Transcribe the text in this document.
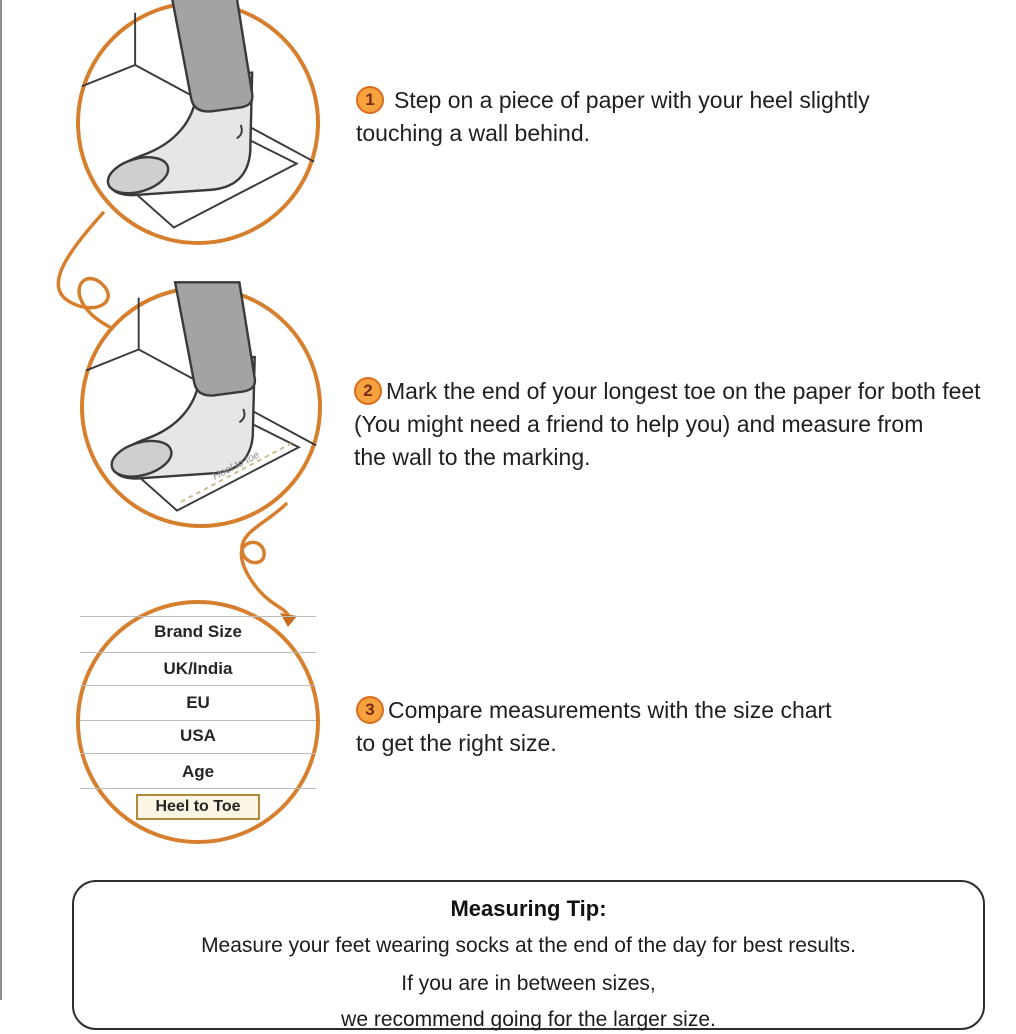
Heel to toe
Brand Size
UK/India
EU
USA
Age
Heel to Toe
1 Step on a piece of paper with your heel slightly
touching a wall behind.
2 Mark the end of your longest toe on the paper for both feet
(You might need a friend to help you) and measure from
the wall to the marking.
3 Compare measurements with the size chart
to get the right size.
Measuring Tip:
Measure your feet wearing socks at the end of the day for best results.
If you are in between sizes,
we recommend going for the larger size.
